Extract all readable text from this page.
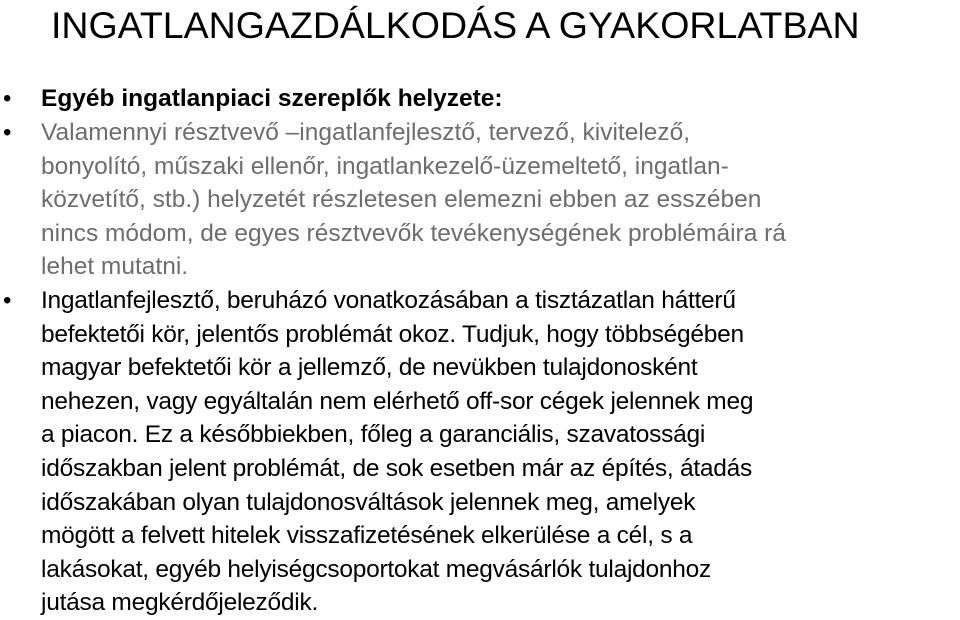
INGATLANGAZDÁLKODÁS A GYAKORLATBAN
• Egyéb ingatlanpiaci szereplők helyzete:
• Valamennyi résztvevő –ingatlanfejlesztő, tervező, kivitelező,
bonyolító, műszaki ellenőr, ingatlankezelő-üzemeltető, ingatlan-
közvetítő, stb.) helyzetét részletesen elemezni ebben az esszében
nincs módom, de egyes résztvevők tevékenységének problémáira rá
lehet mutatni.
• Ingatlanfejlesztő, beruházó vonatkozásában a tisztázatlan hátterű
befektetői kör, jelentős problémát okoz. Tudjuk, hogy többségében
magyar befektetői kör a jellemző, de nevükben tulajdonosként
nehezen, vagy egyáltalán nem elérhető off-sor cégek jelennek meg
a piacon. Ez a későbbiekben, főleg a garanciális, szavatossági
időszakban jelent problémát, de sok esetben már az építés, átadás
időszakában olyan tulajdonosváltások jelennek meg, amelyek
mögött a felvett hitelek visszafizetésének elkerülése a cél, s a
lakásokat, egyéb helyiségcsoportokat megvásárlók tulajdonhoz
jutása megkérdőjeleződik.
